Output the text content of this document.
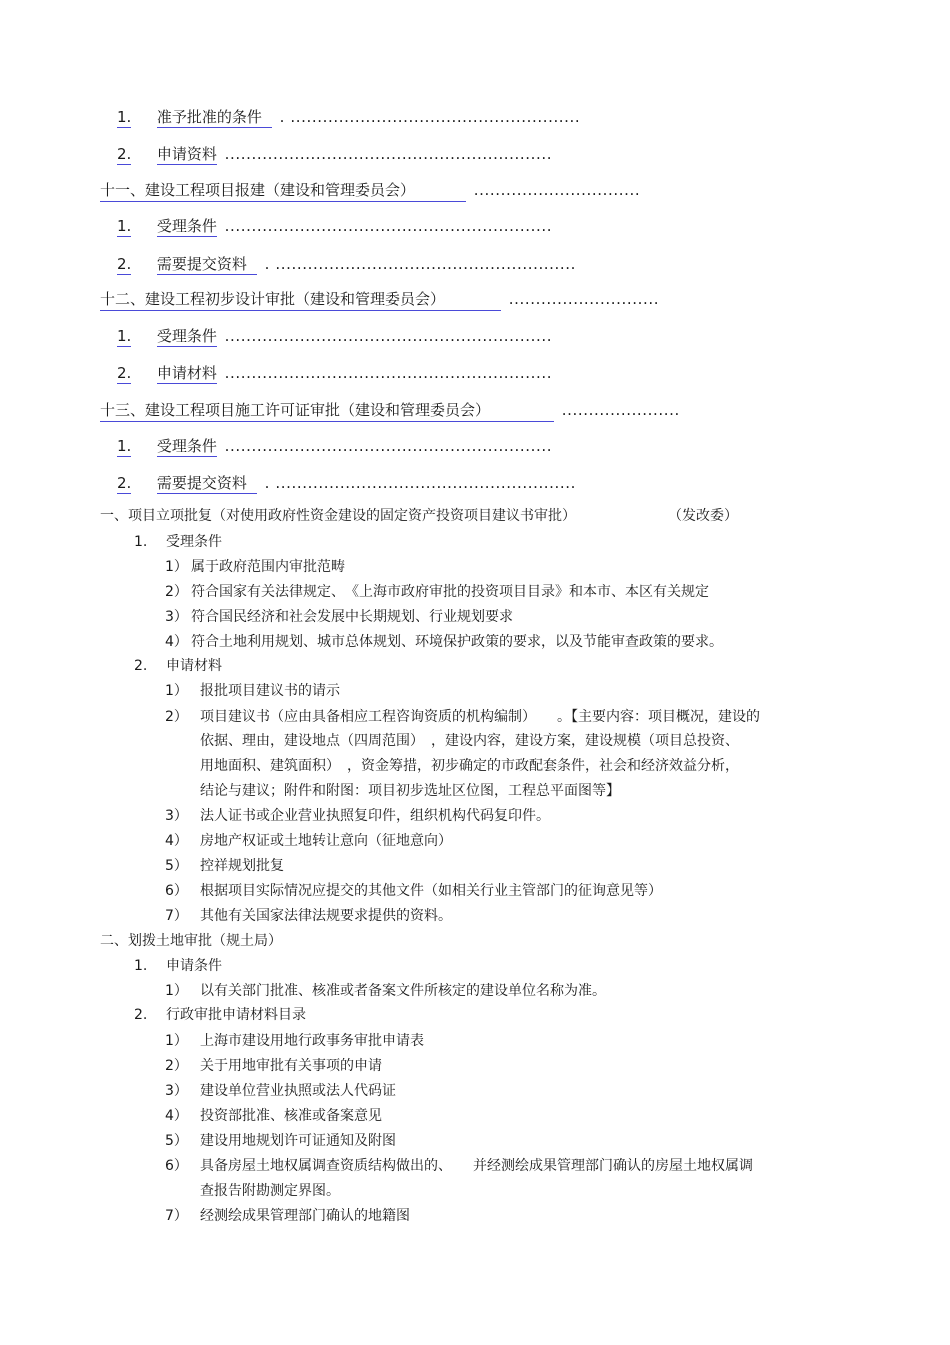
1. 准予批准的条件 . ......................................................
2. 申请资料 .............................................................
十一、建设工程项目报建（建设和管理委员会）	...............................
1. 受理条件 .............................................................
2. 需要提交资料 . ........................................................
十二、建设工程初步设计审批（建设和管理委员会）	............................
1. 受理条件 .............................................................
2. 申请材料 .............................................................
十三、建设工程项目施工许可证审批（建设和管理委员会）	......................
1. 受理条件 .............................................................
2. 需要提交资料 . ........................................................
一、项目立项批复（对使用政府性资金建设的固定资产投资项目建议书审批）	（发改委）
1. 受理条件
1） 属于政府范围内审批范畴
2） 符合国家有关法律规定、　《上海市政府审批的投资项目目录》和本市、本区有关规定
3） 符合国民经济和社会发展中长期规划、行业规划要求
4） 符合土地利用规划、城市总体规划、环境保护政策的要求，以及节能审查政策的要求。
2. 申请材料
1） 报批项目建议书的请示
2） 项目建议书（应由具备相应工程咨询资质的机构编制）　　。【主要内容：项目概况，建设的
依据、理由，建设地点（四周范围）　，建设内容，建设方案，建设规模（项目总投资、
用地面积、建筑面积）　，资金筹措，初步确定的市政配套条件，社会和经济效益分析，
结论与建议；附件和附图：项目初步选址区位图，工程总平面图等】
3） 法人证书或企业营业执照复印件，组织机构代码复印件。
4） 房地产权证或土地转让意向（征地意向）
5） 控祥规划批复
6） 根据项目实际情况应提交的其他文件（如相关行业主管部门的征询意见等）
7） 其他有关国家法律法规要求提供的资料。
二、划拨土地审批（规土局）
1. 申请条件
1） 以有关部门批准、核准或者备案文件所核定的建设单位名称为准。
2. 行政审批申请材料目录
1） 上海市建设用地行政事务审批申请表
2） 关于用地审批有关事项的申请
3） 建设单位营业执照或法人代码证
4） 投资部批准、核准或备案意见
5） 建设用地规划许可证通知及附图
6） 具备房屋土地权属调查资质结构做出的、　　并经测绘成果管理部门确认的房屋土地权属调
查报告附勘测定界图。
7） 经测绘成果管理部门确认的地籍图
